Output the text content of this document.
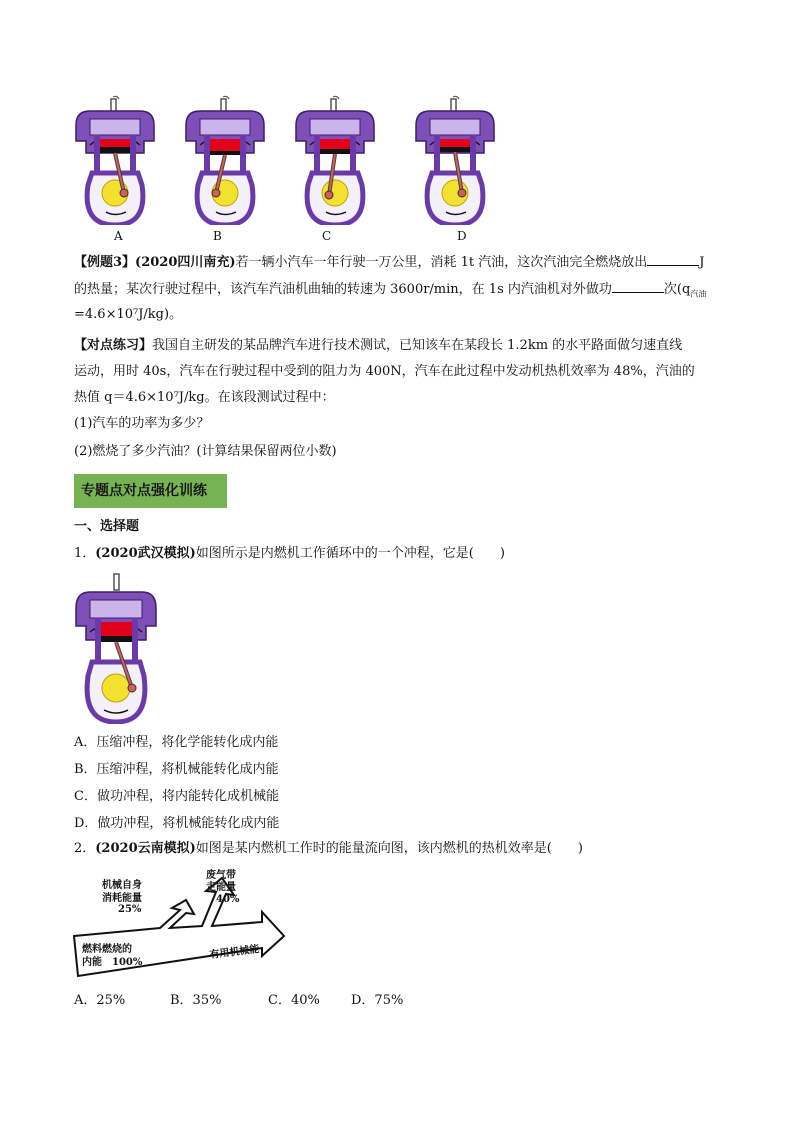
A	B	C	D
【例题3】(2020四川南充)若一辆小汽车一年行驶一万公里，消耗 1t 汽油，这次汽油完全燃烧放出	J
的热量；某次行驶过程中，该汽车汽油机曲轴的转速为 3600r/min，在 1s 内汽油机对外做功	次($q_{汽油}$
=4.6×10⁷J/kg)。
【对点练习】我国自主研发的某品牌汽车进行技术测试，已知该车在某段长 1.2km 的水平路面做匀速直线
运动，用时 40s，汽车在行驶过程中受到的阻力为 400N，汽车在此过程中发动机热机效率为 48%，汽油的
热值 q＝4.6×10⁷J/kg。在该段测试过程中：
(1)汽车的功率为多少？
(2)燃烧了多少汽油？(计算结果保留两位小数)
专题点对点强化训练
一、选择题
1．(2020武汉模拟)如图所示是内燃机工作循环中的一个冲程，它是(　　)
A．压缩冲程，将化学能转化成内能
B．压缩冲程，将机械能转化成内能
C．做功冲程，将内能转化成机械能
D．做功冲程，将机械能转化成内能
2．(2020云南模拟)如图是某内燃机工作时的能量流向图，该内燃机的热机效率是(　　)
机械自身
消耗能量
25%
废气带
走能量
40%
燃料燃烧的
内能　100%
有用机械能
A．25%	B．35%	C．40% D．75%
